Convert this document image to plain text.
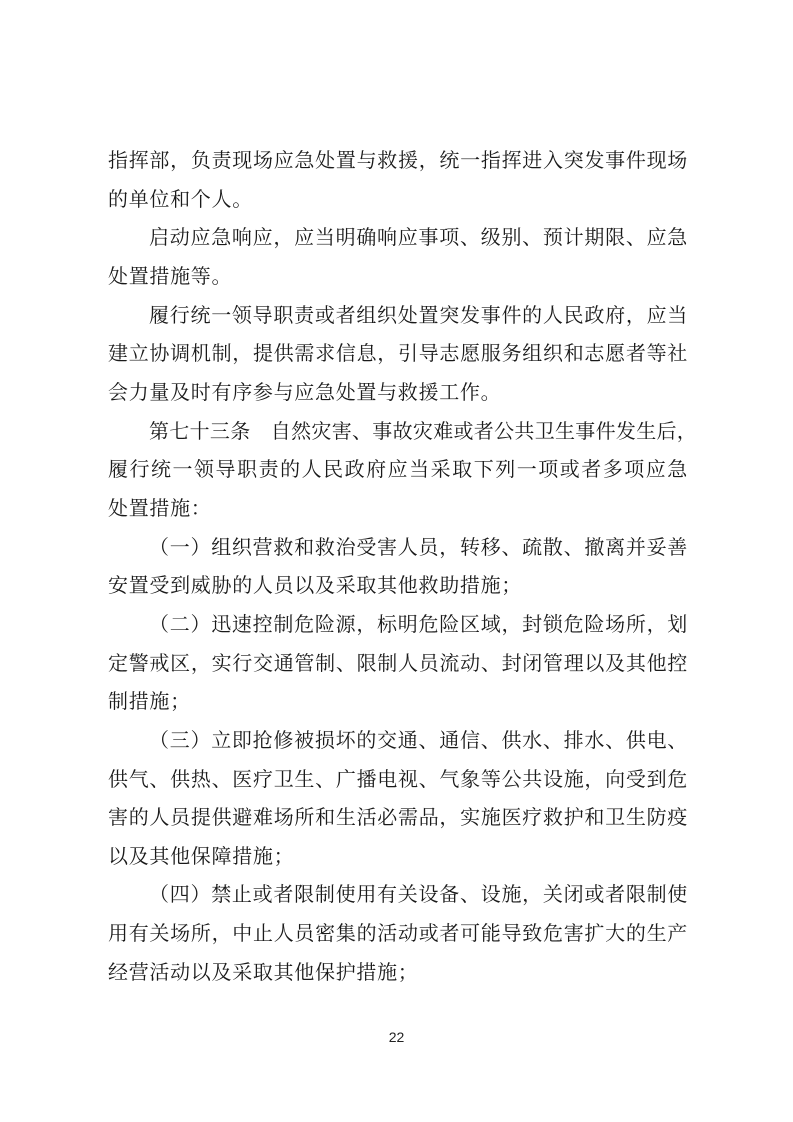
指挥部，负责现场应急处置与救援，统一指挥进入突发事件现场
的单位和个人。
启动应急响应，应当明确响应事项、级别、预计期限、应急
处置措施等。
履行统一领导职责或者组织处置突发事件的人民政府，应当
建立协调机制，提供需求信息，引导志愿服务组织和志愿者等社
会力量及时有序参与应急处置与救援工作。
第七十三条　自然灾害、事故灾难或者公共卫生事件发生后，
履行统一领导职责的人民政府应当采取下列一项或者多项应急
处置措施：
（一）组织营救和救治受害人员，转移、疏散、撤离并妥善
安置受到威胁的人员以及采取其他救助措施；
（二）迅速控制危险源，标明危险区域，封锁危险场所，划
定警戒区，实行交通管制、限制人员流动、封闭管理以及其他控
制措施；
（三）立即抢修被损坏的交通、通信、供水、排水、供电、
供气、供热、医疗卫生、广播电视、气象等公共设施，向受到危
害的人员提供避难场所和生活必需品，实施医疗救护和卫生防疫
以及其他保障措施；
（四）禁止或者限制使用有关设备、设施，关闭或者限制使
用有关场所，中止人员密集的活动或者可能导致危害扩大的生产
经营活动以及采取其他保护措施；
22
